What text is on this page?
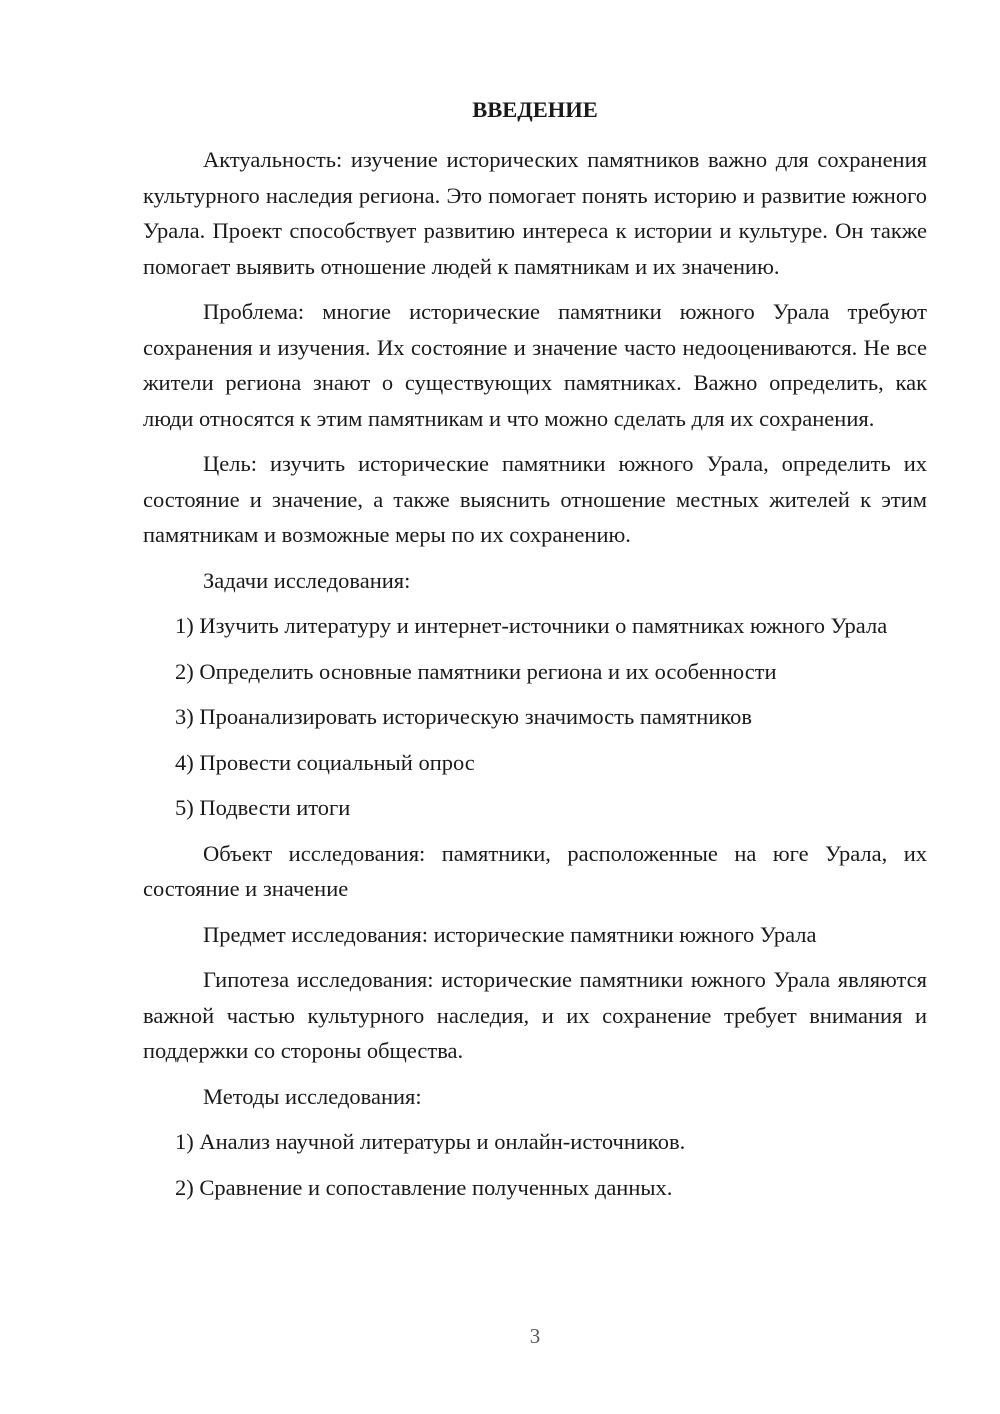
ВВЕДЕНИЕ

Актуальность: изучение исторических памятников важно для сохранения культурного наследия региона. Это помогает понять историю и развитие южного Урала. Проект способствует развитию интереса к истории и культуре. Он также помогает выявить отношение людей к памятникам и их значению.

Проблема: многие исторические памятники южного Урала требуют сохранения и изучения. Их состояние и значение часто недооцениваются. Не все жители региона знают о существующих памятниках. Важно определить, как люди относятся к этим памятникам и что можно сделать для их сохранения.

Цель: изучить исторические памятники южного Урала, определить их состояние и значение, а также выяснить отношение местных жителей к этим памятникам и возможные меры по их сохранению.

Задачи исследования:

1) Изучить литературу и интернет-источники о памятниках южного Урала

2) Определить основные памятники региона и их особенности

3) Проанализировать историческую значимость памятников

4) Провести социальный опрос

5) Подвести итоги

Объект исследования: памятники, расположенные на юге Урала, их состояние и значение

Предмет исследования: исторические памятники южного Урала

Гипотеза исследования: исторические памятники южного Урала являются важной частью культурного наследия, и их сохранение требует внимания и поддержки со стороны общества.

Методы исследования:

1) Анализ научной литературы и онлайн-источников.

2) Сравнение и сопоставление полученных данных.

3
